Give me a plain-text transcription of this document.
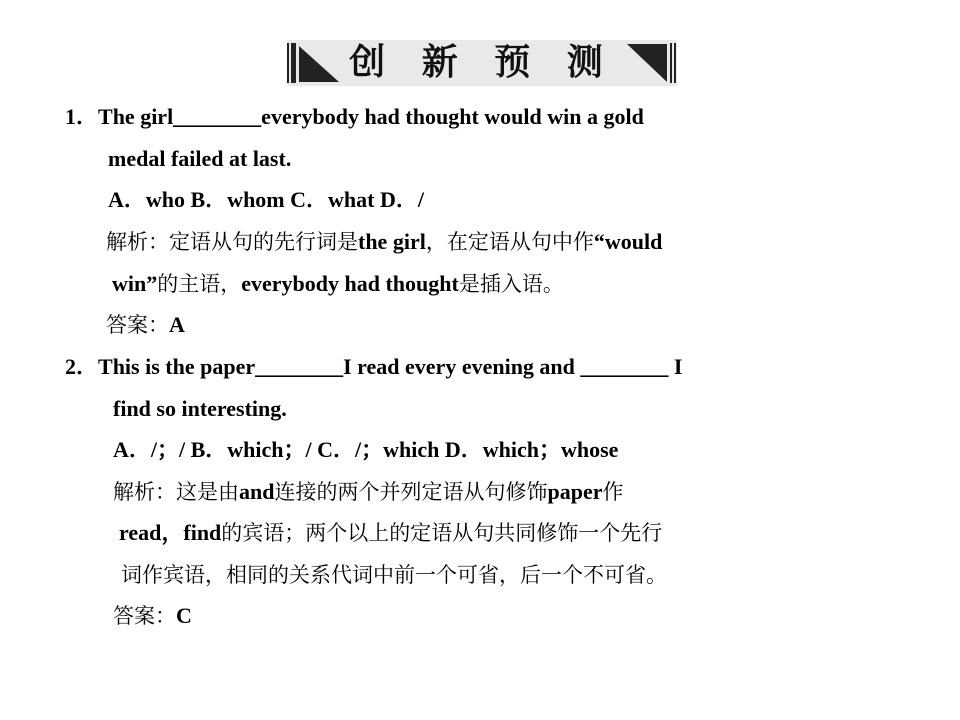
创 新 预 测
1．The girl________everybody had thought would win a gold
medal failed at last.
A．who B．whom C．what D．/
解析：定语从句的先行词是the girl，在定语从句中作“would
win”的主语，everybody had thought是插入语。
答案：A
2．This is the paper________I read every evening and ________ I
find so interesting.
A．/；/ B．which；/ C．/；which D．which；whose
解析：这是由and连接的两个并列定语从句修饰paper作
read，find的宾语；两个以上的定语从句共同修饰一个先行
词作宾语，相同的关系代词中前一个可省，后一个不可省。
答案：C
